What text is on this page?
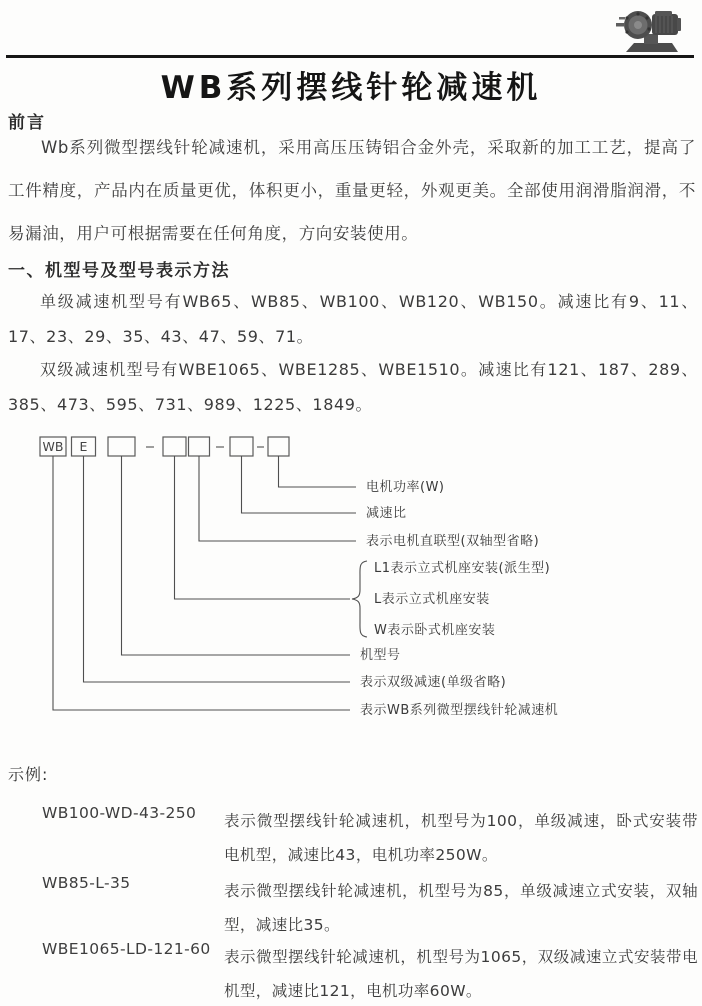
WB系列摆线针轮减速机
前言

Wb系列微型摆线针轮减速机，采用高压压铸铝合金外壳，采取新的加工工艺，提高了工件精度，产品内在质量更优，体积更小，重量更轻，外观更美。全部使用润滑脂润滑，不易漏油，用户可根据需要在任何角度，方向安装使用。

一、机型号及型号表示方法

单级减速机型号有WB65、WB85、WB100、WB120、WB150。减速比有9、11、17、23、29、35、43、47、59、71。

双级减速机型号有WBE1065、WBE1285、WBE1510。减速比有121、187、289、385、473、595、731、989、1225、1849。

WB E
电机功率(W)
减速比
表示电机直联型(双轴型省略)
L1表示立式机座安装(派生型)
L表示立式机座安装
W表示卧式机座安装
机型号
表示双级减速(单级省略)
表示WB系列微型摆线针轮减速机
示例:
WB100-WD-43-250 表示微型摆线针轮减速机，机型号为100，单级减速，卧式安装带电机型，减速比43，电机功率250W。

WB85-L-35	表示微型摆线针轮减速机，机型号为85，单级减速立式安装，双轴型，减速比35。

WBE1065-LD-121-60 表示微型摆线针轮减速机，机型号为1065，双级减速立式安装带电机型，减速比121，电机功率60W。
